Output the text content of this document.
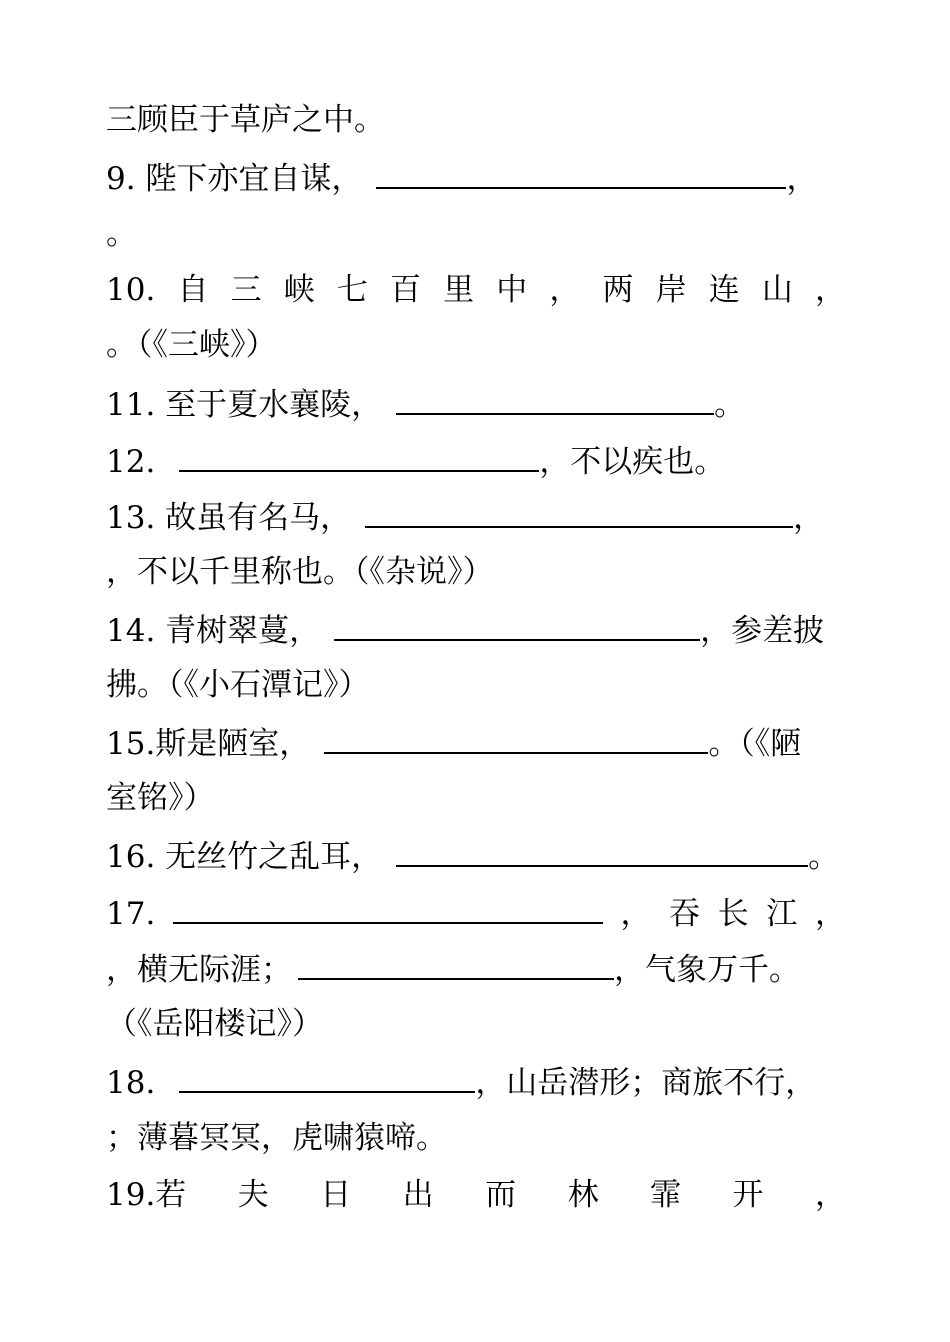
三顾臣于草庐之中。
9. 陛下亦宜自谋，	，
。
10. 自 三 峡 七 百 里 中 ， 两 岸 连 山 ，
。（《三峡》）
11. 至于夏水襄陵，	。
12.	，不以疾也。
13. 故虽有名马，	，
，不以千里称也。（《杂说》）
14. 青树翠蔓，	，参差披
拂。（《小石潭记》）
15.斯是陋室，	。（《陋
室铭》）
16. 无丝竹之乱耳，	。
17.	， 吞 长 江 ，
，横无际涯；	，气象万千。
（《岳阳楼记》）
18.	，山岳潜形；商旅不行，
；薄暮冥冥，虎啸猿啼。
19.若 夫 日 出 而 林 霏 开 ，
